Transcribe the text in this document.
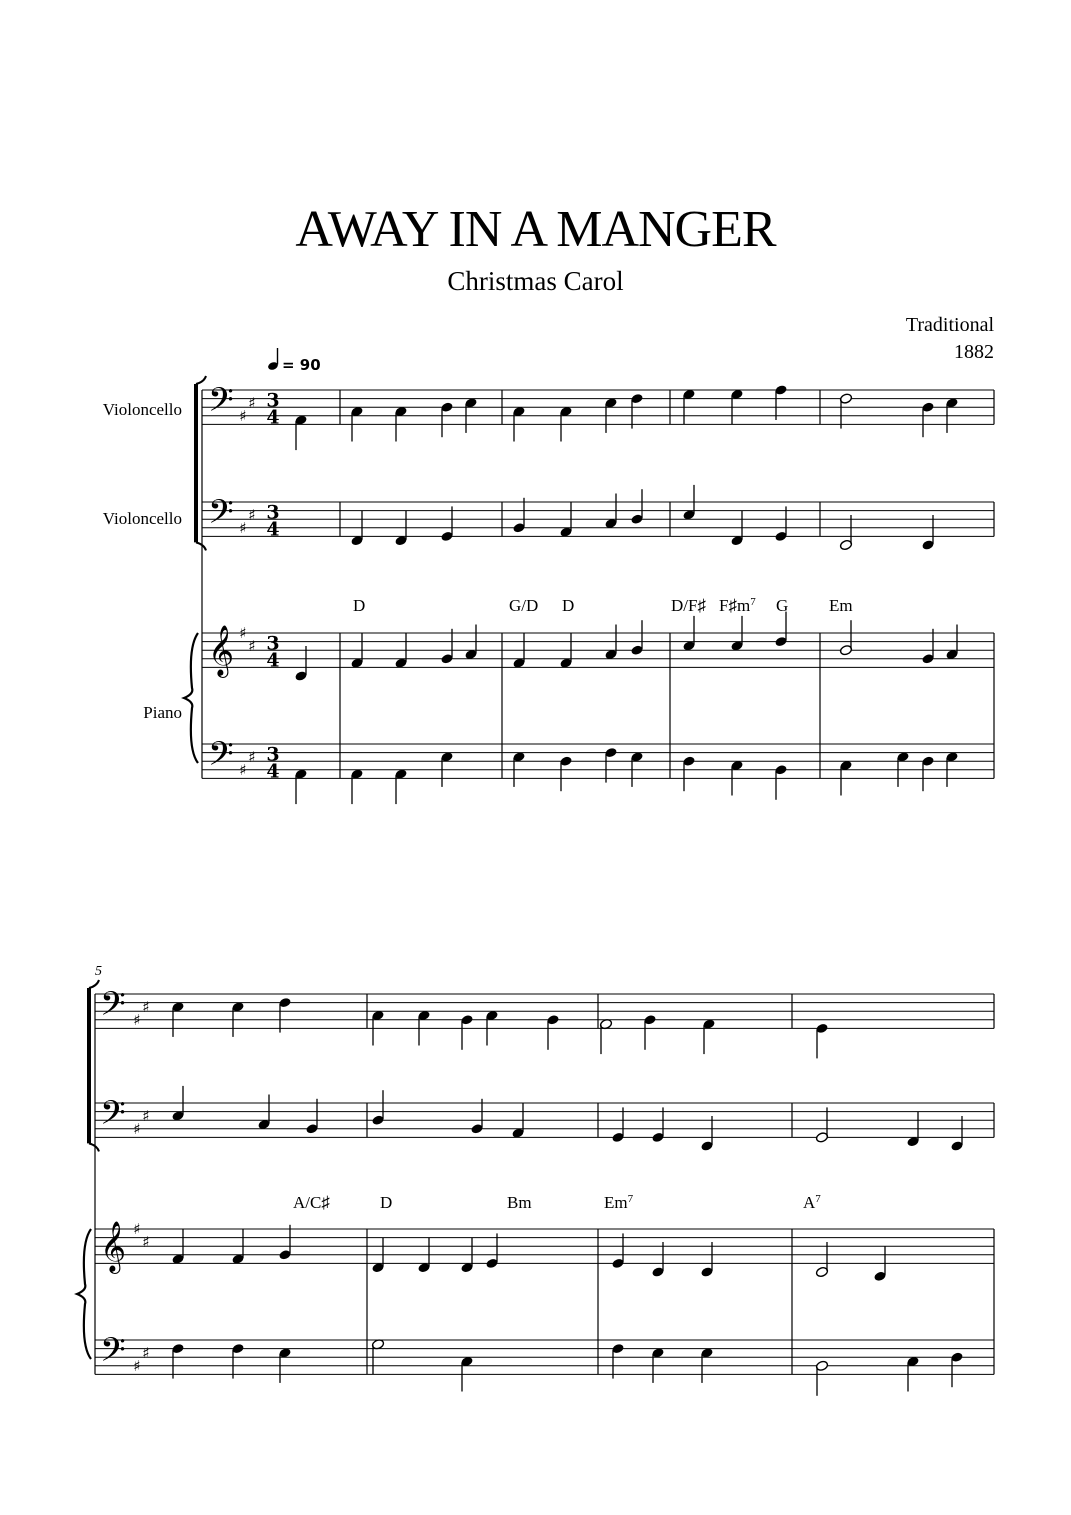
AWAY IN A MANGER
Christmas Carol
Traditional
1882
= 90
Violoncello
Violoncello
Piano
5
𝄢 ♯
♯ 3
4
𝄢 ♯
♯ 3
4
𝄞 ♯
♯ 3
4
𝄢 ♯
♯ 3
4
𝄢 ♯
♯
𝄢 ♯
♯
𝄞 ♯
♯
𝄢 ♯
♯
D	G/D D	D/F♯ $F♯m^7$ G Em
A/C♯	D	Bm	Em$^7$	$A^7$
